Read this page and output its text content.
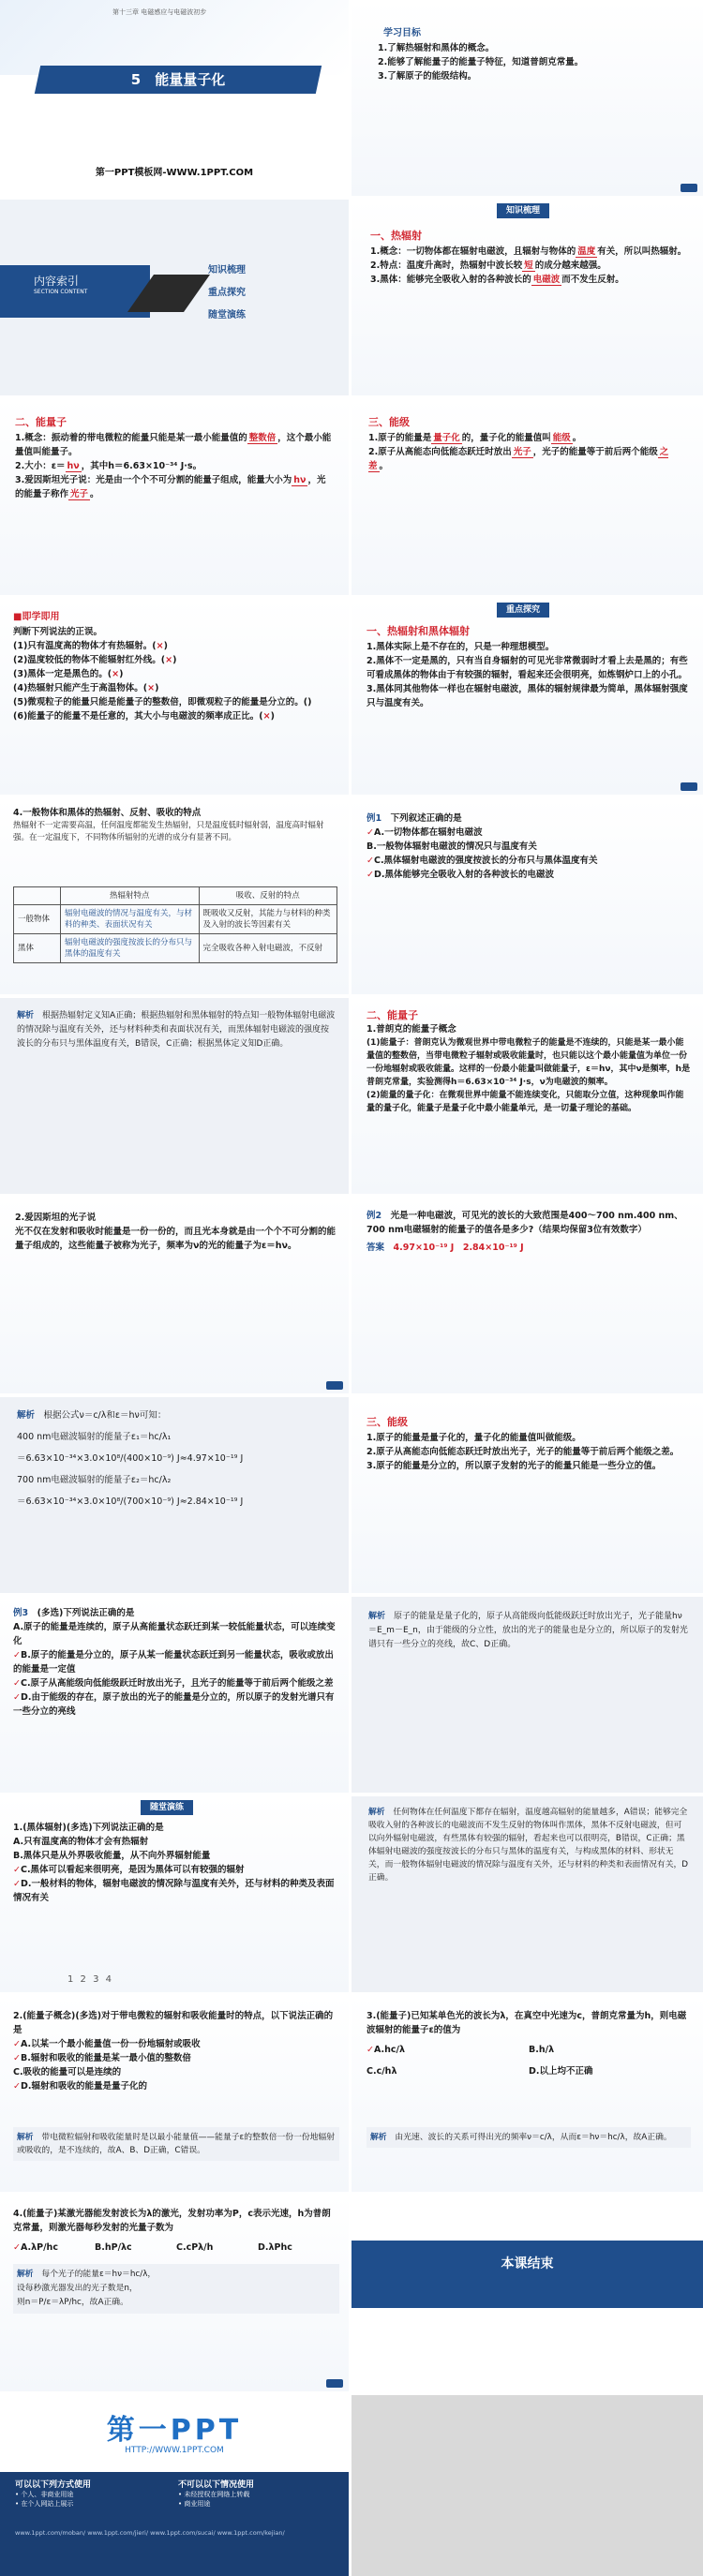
第十三章 电磁感应与电磁波初步
5　 能量量子化
第一PPT模板网-WWW.1PPT.COM
学习目标
1.了解热辐射和黑体的概念。
2.能够了解能量子的能量子特征，知道普朗克常量。
3.了解原子的能级结构。
内容索引
SECTION CONTENT
知识梳理
重点探究
随堂演练
知识梳理
一、热辐射
1.概念：一切物体都在辐射电磁波，且辐射与物体的 温度 有关，所以叫热辐射。
2.特点：温度升高时，热辐射中波长较 短 的成分越来越强。
3.黑体：能够完全吸收入射的各种波长的 电磁波 而不发生反射。
二、能量子
1.概念：振动着的带电微粒的能量只能是某一最小能量值的 整数倍 ，这个最小能量值叫能量子。
2.大小：ε＝ hν ，其中h＝6.63×10⁻³⁴ J·s。
3.爱因斯坦光子说：光是由一个个不可分割的能量子组成，能量大小为 hν ，光的能量子称作 光子 。
三、能级
1.原子的能量是 量子化 的，量子化的能量值叫 能级 。
2.原子从高能态向低能态跃迁时放出 光子 ，光子的能量等于前后两个能级 之差 。
■即学即用
判断下列说法的正误。
(1)只有温度高的物体才有热辐射。(×)
(2)温度较低的物体不能辐射红外线。(×)
(3)黑体一定是黑色的。(×)
(4)热辐射只能产生于高温物体。(×)
(5)微观粒子的能量只能是能量子的整数倍，即微观粒子的能量是分立的。()
(6)能量子的能量不是任意的，其大小与电磁波的频率成正比。(×)
重点探究
一、热辐射和黑体辐射
1.黑体实际上是不存在的，只是一种理想模型。
2.黑体不一定是黑的，只有当自身辐射的可见光非常微弱时才看上去是黑的；有些可看成黑体的物体由于有较强的辐射，看起来还会很明亮，如炼钢炉口上的小孔。
3.黑体同其他物体一样也在辐射电磁波，黑体的辐射规律最为简单，黑体辐射强度只与温度有关。
4.一般物体和黑体的热辐射、反射、吸收的特点
热辐射不一定需要高温，任何温度都能发生热辐射，只是温度低时辐射弱，温度高时辐射强。在一定温度下，不同物体所辐射的光谱的成分有显著不同。
	热辐射特点	吸收、反射的特点
一般物体	辐射电磁波的情况与温度有关，与材料的种类、表面状况有关	既吸收又反射，其能力与材料的种类及入射的波长等因素有关
黑体	辐射电磁波的强度按波长的分布只与黑体的温度有关	完全吸收各种入射电磁波，不反射
例1　 下列叙述正确的是
✓A.一切物体都在辐射电磁波
B.一般物体辐射电磁波的情况只与温度有关
✓C.黑体辐射电磁波的强度按波长的分布只与黑体温度有关
✓D.黑体能够完全吸收入射的各种波长的电磁波
解析　 根据热辐射定义知A正确；根据热辐射和黑体辐射的特点知一般物体辐射电磁波的情况除与温度有关外，还与材料种类和表面状况有关，而黑体辐射电磁波的强度按波长的分布只与黑体温度有关，B错误，C正确；根据黑体定义知D正确。
二、能量子
1.普朗克的能量子概念
(1)能量子：普朗克认为微观世界中带电微粒子的能量是不连续的，只能是某一最小能量值的整数倍，当带电微粒子辐射或吸收能量时，也只能以这个最小能量值为单位一份一份地辐射或吸收能量。这样的一份最小能量叫做能量子，ε＝hν，其中ν是频率，h是普朗克常量，实验测得h＝6.63×10⁻³⁴ J·s，ν为电磁波的频率。
(2)能量的量子化：在微观世界中能量不能连续变化，只能取分立值，这种现象叫作能量的量子化，能量子是量子化中最小能量单元，是一切量子理论的基础。
2.爱因斯坦的光子说
光不仅在发射和吸收时能量是一份一份的，而且光本身就是由一个个不可分割的能量子组成的，这些能量子被称为光子，频率为ν的光的能量子为ε＝hν。
例2　 光是一种电磁波，可见光的波长的大致范围是400～700 nm.400 nm、700 nm电磁辐射的能量子的值各是多少?（结果均保留3位有效数字）
答案　 4.97×10⁻¹⁹ J　2.84×10⁻¹⁹ J
解析　 根据公式ν＝c/λ和ε＝hν可知：
400 nm电磁波辐射的能量子ε₁＝hc/λ₁
＝6.63×10⁻³⁴×3.0×10⁸/(400×10⁻⁹) J≈4.97×10⁻¹⁹ J
700 nm电磁波辐射的能量子ε₂＝hc/λ₂
＝6.63×10⁻³⁴×3.0×10⁸/(700×10⁻⁹) J≈2.84×10⁻¹⁹ J
三、能级
1.原子的能量是量子化的，量子化的能量值叫做能级。
2.原子从高能态向低能态跃迁时放出光子，光子的能量等于前后两个能级之差。
3.原子的能量是分立的，所以原子发射的光子的能量只能是一些分立的值。
例3　 (多选)下列说法正确的是
A.原子的能量是连续的，原子从高能量状态跃迁到某一较低能量状态，可以连续变化
✓B.原子的能量是分立的，原子从某一能量状态跃迁到另一能量状态，吸收或放出的能量是一定值
✓C.原子从高能级向低能级跃迁时放出光子，且光子的能量等于前后两个能级之差
✓D.由于能级的存在，原子放出的光子的能量是分立的，所以原子的发射光谱只有一些分立的亮线
解析　 原子的能量是量子化的，原子从高能级向低能级跃迁时放出光子，光子能量hν＝E_m－E_n，由于能级的分立性，放出的光子的能量也是分立的，所以原子的发射光谱只有一些分立的亮线，故C、D正确。
随堂演练
1.(黑体辐射)(多选)下列说法正确的是
A.只有温度高的物体才会有热辐射
B.黑体只是从外界吸收能量，从不向外界辐射能量
✓C.黑体可以看起来很明亮，是因为黑体可以有较强的辐射
✓D.一般材料的物体，辐射电磁波的情况除与温度有关外，还与材料的种类及表面情况有关
1 2 3 4
解析　 任何物体在任何温度下都存在辐射，温度越高辐射的能量越多，A错误；能够完全吸收入射的各种波长的电磁波而不发生反射的物体叫作黑体，黑体不反射电磁波，但可以向外辐射电磁波，有些黑体有较强的辐射，看起来也可以很明亮，B错误，C正确；黑体辐射电磁波的强度按波长的分布只与黑体的温度有关，与构成黑体的材料、形状无关，而一般物体辐射电磁波的情况除与温度有关外，还与材料的种类和表面情况有关，D正确。
2.(能量子概念)(多选)对于带电微粒的辐射和吸收能量时的特点，以下说法正确的是
✓A.以某一个最小能量值一份一份地辐射或吸收
✓B.辐射和吸收的能量是某一最小值的整数倍
C.吸收的能量可以是连续的
✓D.辐射和吸收的能量是量子化的
解析　 带电微粒辐射和吸收能量时是以最小能量值——能量子ε的整数倍一份一份地辐射或吸收的，是不连续的，故A、B、D正确，C错误。
3.(能量子)已知某单色光的波长为λ，在真空中光速为c，普朗克常量为h，则电磁波辐射的能量子ε的值为
✓A.hc/λ	B.h/λ
C.c/hλ	D.以上均不正确
解析　 由光速、波长的关系可得出光的频率ν＝c/λ，从而ε＝hν＝hc/λ，故A正确。
4.(能量子)某激光器能发射波长为λ的激光，发射功率为P，c表示光速，h为普朗克常量，则激光器每秒发射的光量子数为
✓A.λP/hc	B.hP/λc	C.cPλ/h	D.λPhc
解析　 每个光子的能量ε＝hν＝hc/λ，
设每秒激光器发出的光子数是n，
则n＝P/ε＝λP/hc，故A正确。
本课结束
第一PPT
HTTP://WWW.1PPT.COM
可以以下列方式使用
• 个人、非商业用途
• 在个人网站上展示
不可以以下情况使用
• 未经授权在网络上转载
• 商业用途
www.1ppt.com/moban/ www.1ppt.com/jieri/ www.1ppt.com/sucai/ www.1ppt.com/kejian/
